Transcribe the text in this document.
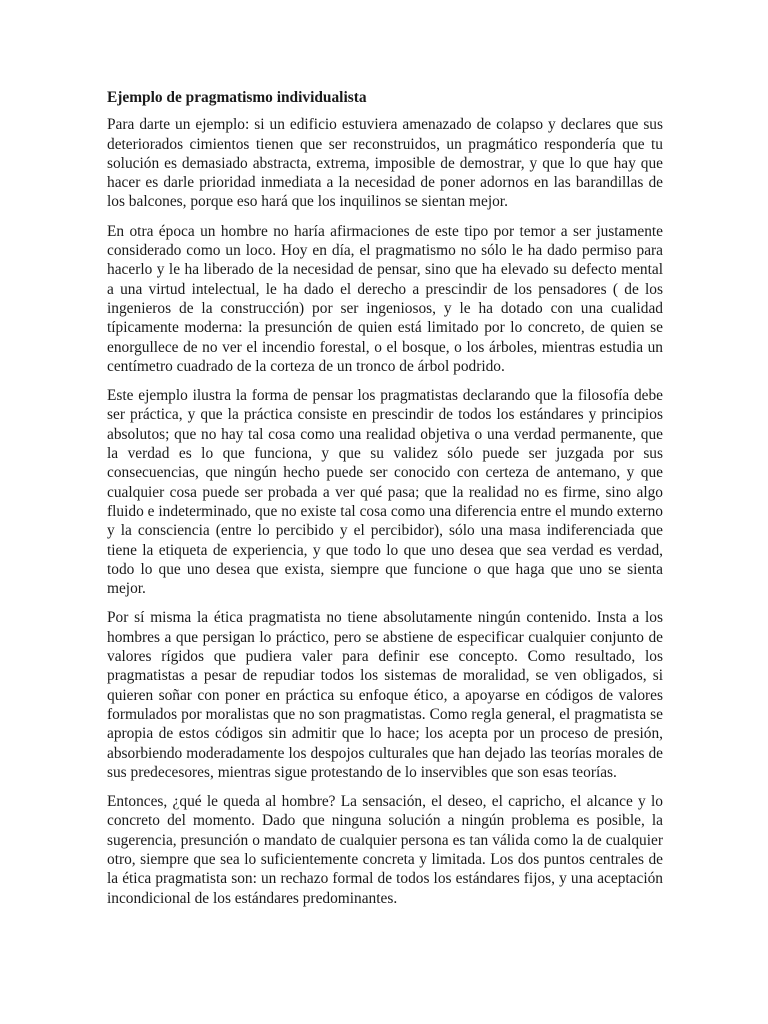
Ejemplo de pragmatismo individualista

Para darte un ejemplo: si un edificio estuviera amenazado de colapso y declares que sus deteriorados cimientos tienen que ser reconstruidos, un pragmático respondería que tu solución es demasiado abstracta, extrema, imposible de demostrar, y que lo que hay que hacer es darle prioridad inmediata a la necesidad de poner adornos en las barandillas de los balcones, porque eso hará que los inquilinos se sientan mejor.

En otra época un hombre no haría afirmaciones de este tipo por temor a ser justamente considerado como un loco. Hoy en día, el pragmatismo no sólo le ha dado permiso para hacerlo y le ha liberado de la necesidad de pensar, sino que ha elevado su defecto mental a una virtud intelectual, le ha dado el derecho a prescindir de los pensadores ( de los ingenieros de la construcción) por ser ingeniosos, y le ha dotado con una cualidad típicamente moderna: la presunción de quien está limitado por lo concreto, de quien se enorgullece de no ver el incendio forestal, o el bosque, o los árboles, mientras estudia un centímetro cuadrado de la corteza de un tronco de árbol podrido.

Este ejemplo ilustra la forma de pensar los pragmatistas declarando que la filosofía debe ser práctica, y que la práctica consiste en prescindir de todos los estándares y principios absolutos; que no hay tal cosa como una realidad objetiva o una verdad permanente, que la verdad es lo que funciona, y que su validez sólo puede ser juzgada por sus consecuencias, que ningún hecho puede ser conocido con certeza de antemano, y que cualquier cosa puede ser probada a ver qué pasa; que la realidad no es firme, sino algo fluido e indeterminado, que no existe tal cosa como una diferencia entre el mundo externo y la consciencia (entre lo percibido y el percibidor), sólo una masa indiferenciada que tiene la etiqueta de experiencia, y que todo lo que uno desea que sea verdad es verdad, todo lo que uno desea que exista, siempre que funcione o que haga que uno se sienta mejor.

Por sí misma la ética pragmatista no tiene absolutamente ningún contenido. Insta a los hombres a que persigan lo práctico, pero se abstiene de especificar cualquier conjunto de valores rígidos que pudiera valer para definir ese concepto. Como resultado, los pragmatistas a pesar de repudiar todos los sistemas de moralidad, se ven obligados, si quieren soñar con poner en práctica su enfoque ético, a apoyarse en códigos de valores formulados por moralistas que no son pragmatistas. Como regla general, el pragmatista se apropia de estos códigos sin admitir que lo hace; los acepta por un proceso de presión, absorbiendo moderadamente los despojos culturales que han dejado las teorías morales de sus predecesores, mientras sigue protestando de lo inservibles que son esas teorías.

Entonces, ¿qué le queda al hombre? La sensación, el deseo, el capricho, el alcance y lo concreto del momento. Dado que ninguna solución a ningún problema es posible, la sugerencia, presunción o mandato de cualquier persona es tan válida como la de cualquier otro, siempre que sea lo suficientemente concreta y limitada. Los dos puntos centrales de la ética pragmatista son: un rechazo formal de todos los estándares fijos, y una aceptación incondicional de los estándares predominantes.
